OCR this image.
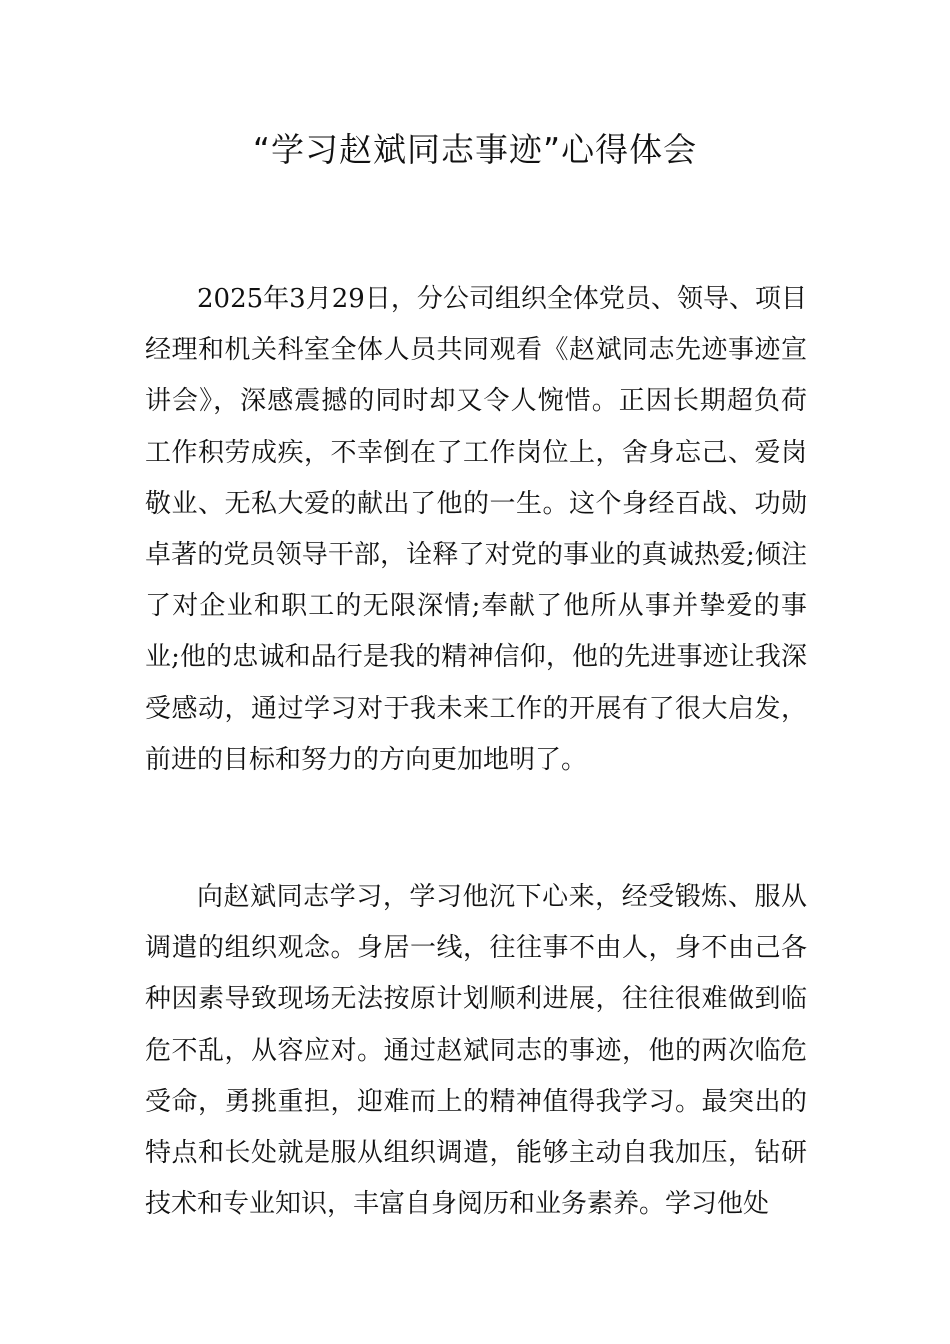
“学习赵斌同志事迹”心得体会

2025年3月29日，分公司组织全体党员、领导、项目经理和机关科室全体人员共同观看《赵斌同志先迹事迹宣讲会》，深感震撼的同时却又令人惋惜。正因长期超负荷工作积劳成疾，不幸倒在了工作岗位上，舍身忘己、爱岗敬业、无私大爱的献出了他的一生。这个身经百战、功勋卓著的党员领导干部，诠释了对党的事业的真诚热爱;倾注了对企业和职工的无限深情;奉献了他所从事并挚爱的事业;他的忠诚和品行是我的精神信仰，他的先进事迹让我深受感动，通过学习对于我未来工作的开展有了很大启发，前进的目标和努力的方向更加地明了。

向赵斌同志学习，学习他沉下心来，经受锻炼、服从调遣的组织观念。身居一线，往往事不由人，身不由己各种因素导致现场无法按原计划顺利进展，往往很难做到临危不乱，从容应对。通过赵斌同志的事迹，他的两次临危受命，勇挑重担，迎难而上的精神值得我学习。最突出的特点和长处就是服从组织调遣，能够主动自我加压，钻研技术和专业知识，丰富自身阅历和业务素养。学习他处
